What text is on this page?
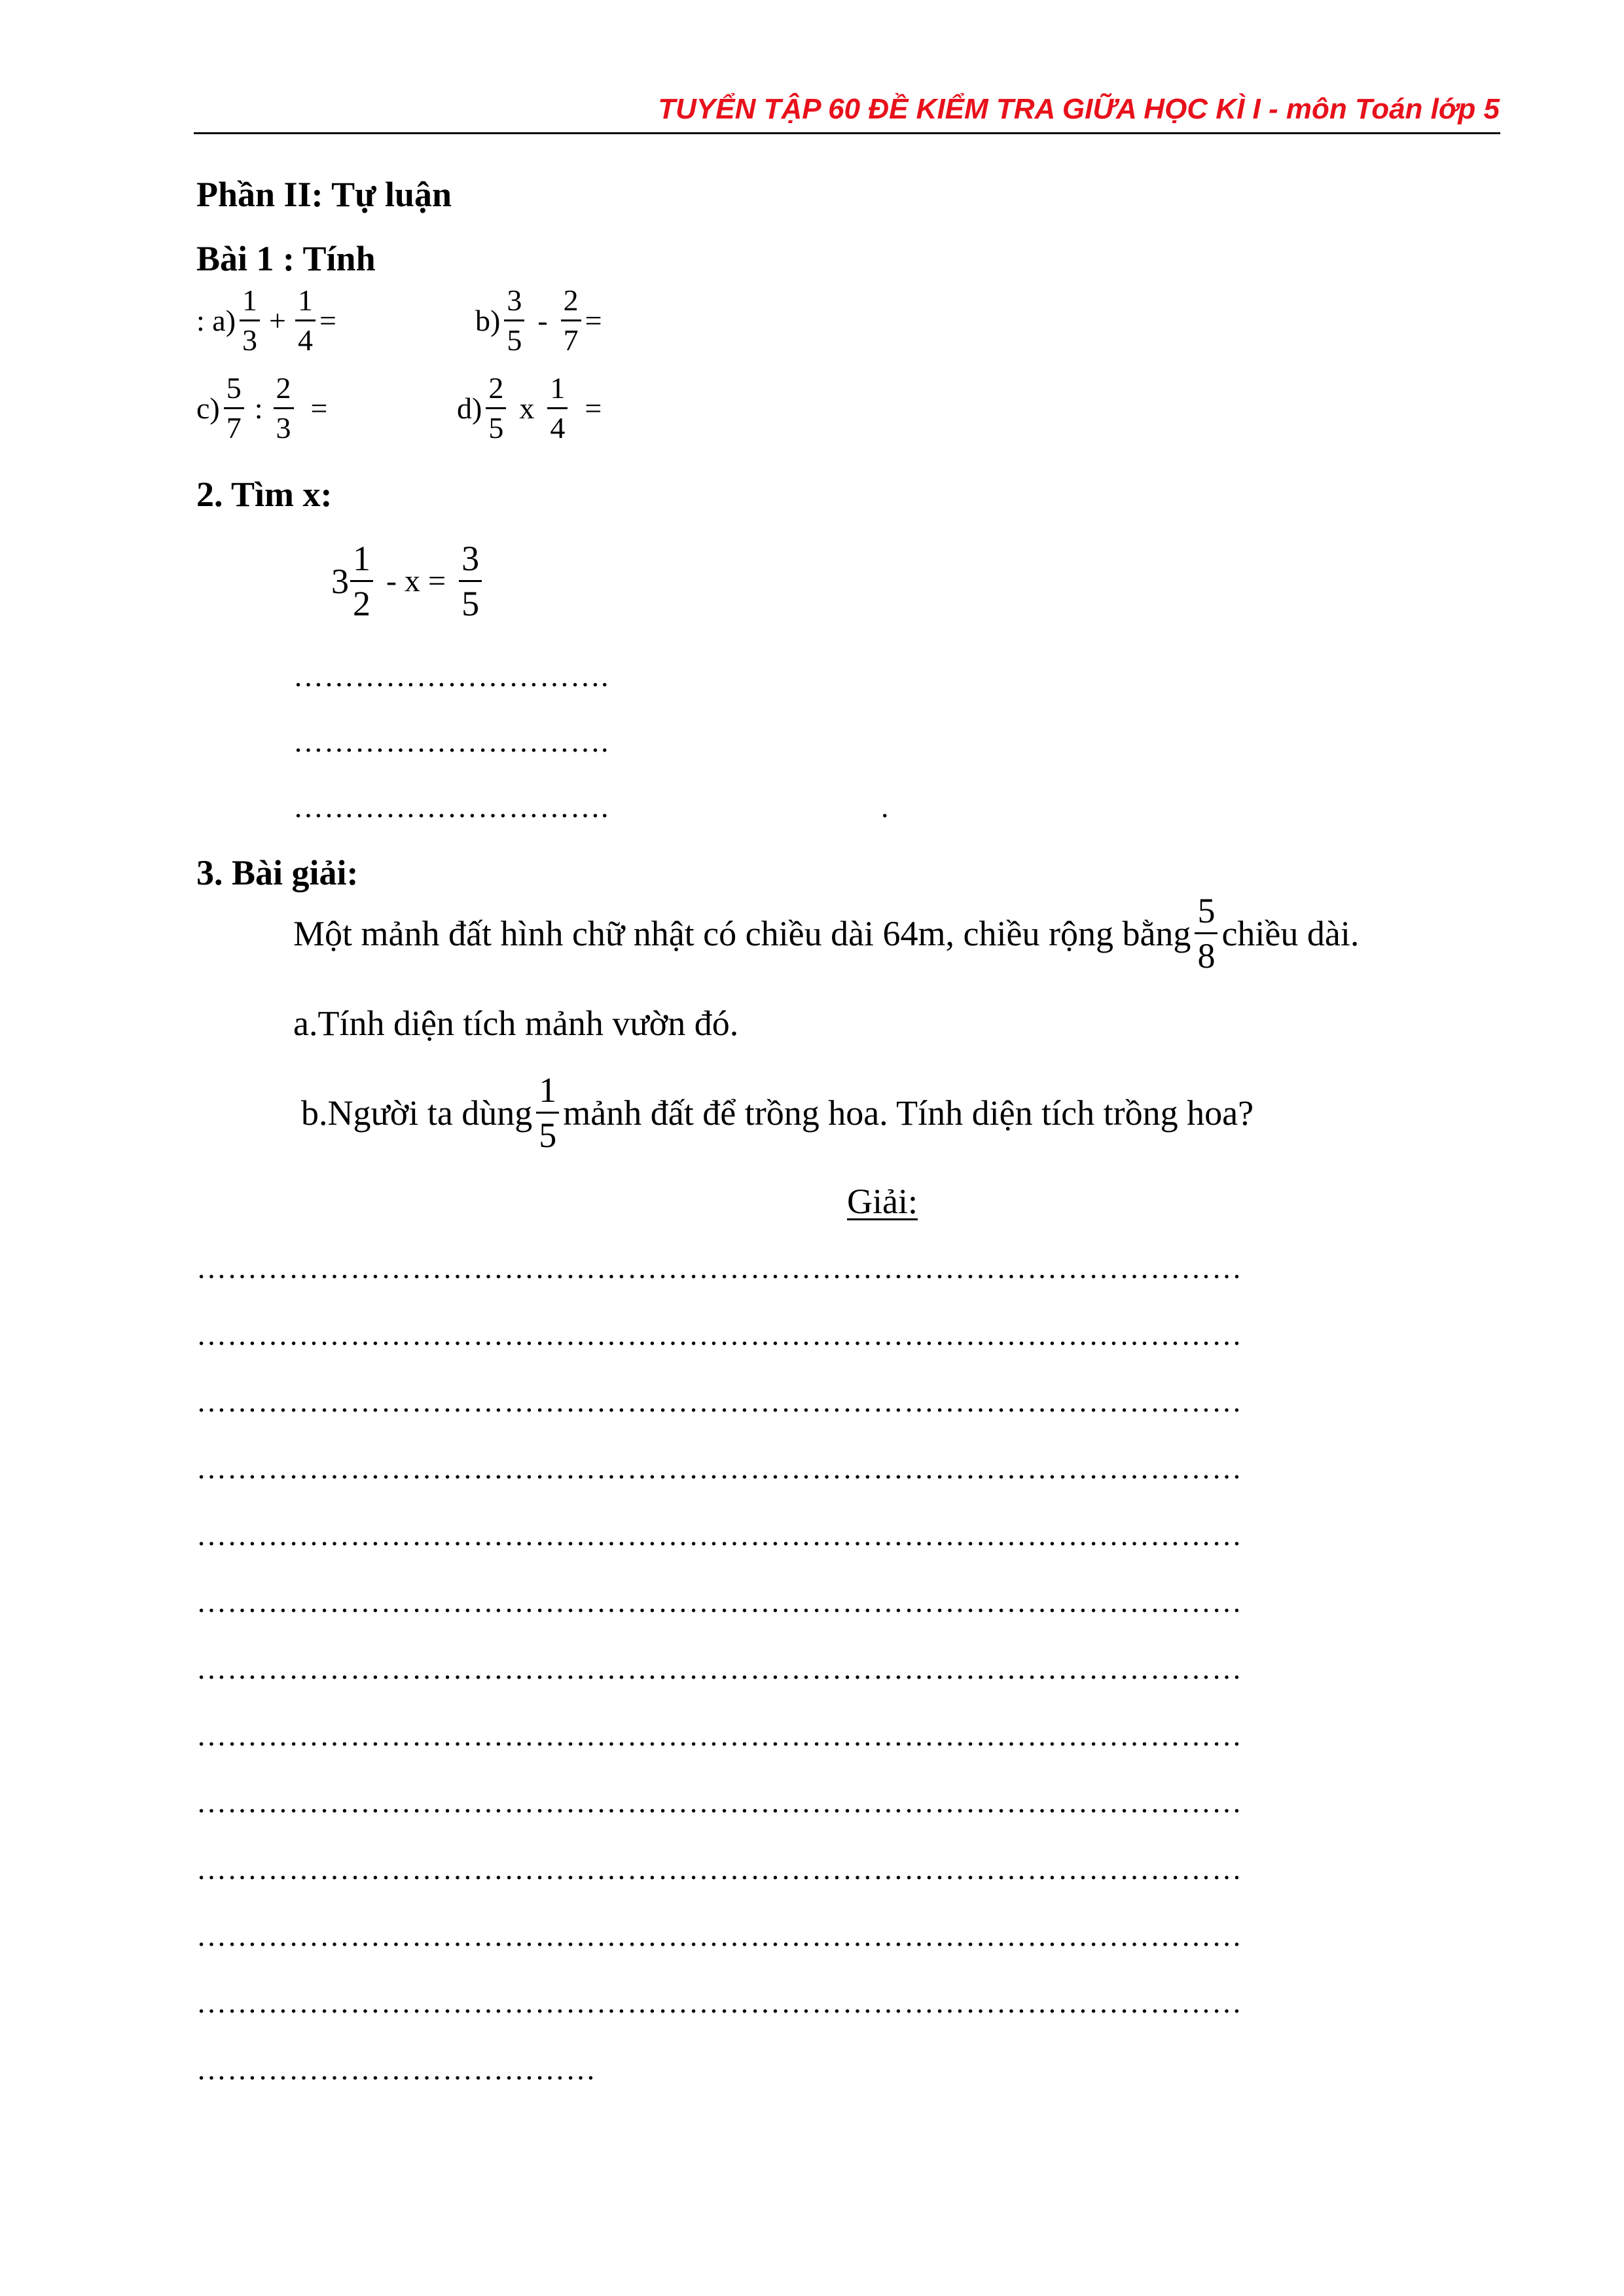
TUYỂN TẬP 60 ĐỀ KIỂM TRA GIỮA HỌC KÌ I - môn Toán lớp 5
Phần II: Tự luận
Bài 1 : Tính
: $a) \frac{1}{3} + \frac{1}{4}$ =	$b) \frac{3}{5} - \frac{2}{7}$ =
$c) \frac{5}{7}$ : $\frac{2}{3}$ =	$d) \frac{2}{5}$ x $\frac{1}{4}$ =
2. Tìm x:
$3 \frac{1}{2} - x = \frac{3}{5}$
………………………….
………………………….
………………………….	.
3. Bài giải:
Một mảnh đất hình chữ nhật có chiều dài 64m, chiều rộng bằng $\frac{5}{8}$ chiều dài.
a.Tính diện tích mảnh vườn đó.
b.Người ta dùng $\frac{1}{5}$ mảnh đất để trồng hoa. Tính diện tích trồng hoa?
Giải:
…………………………………………………………………………………………
…………………………………………………………………………………………
…………………………………………………………………………………………
…………………………………………………………………………………………
…………………………………………………………………………………………
…………………………………………………………………………………………
…………………………………………………………………………………………
…………………………………………………………………………………………
…………………………………………………………………………………………
…………………………………………………………………………………………
…………………………………………………………………………………………
…………………………………………………………………………………………
…………………………………
